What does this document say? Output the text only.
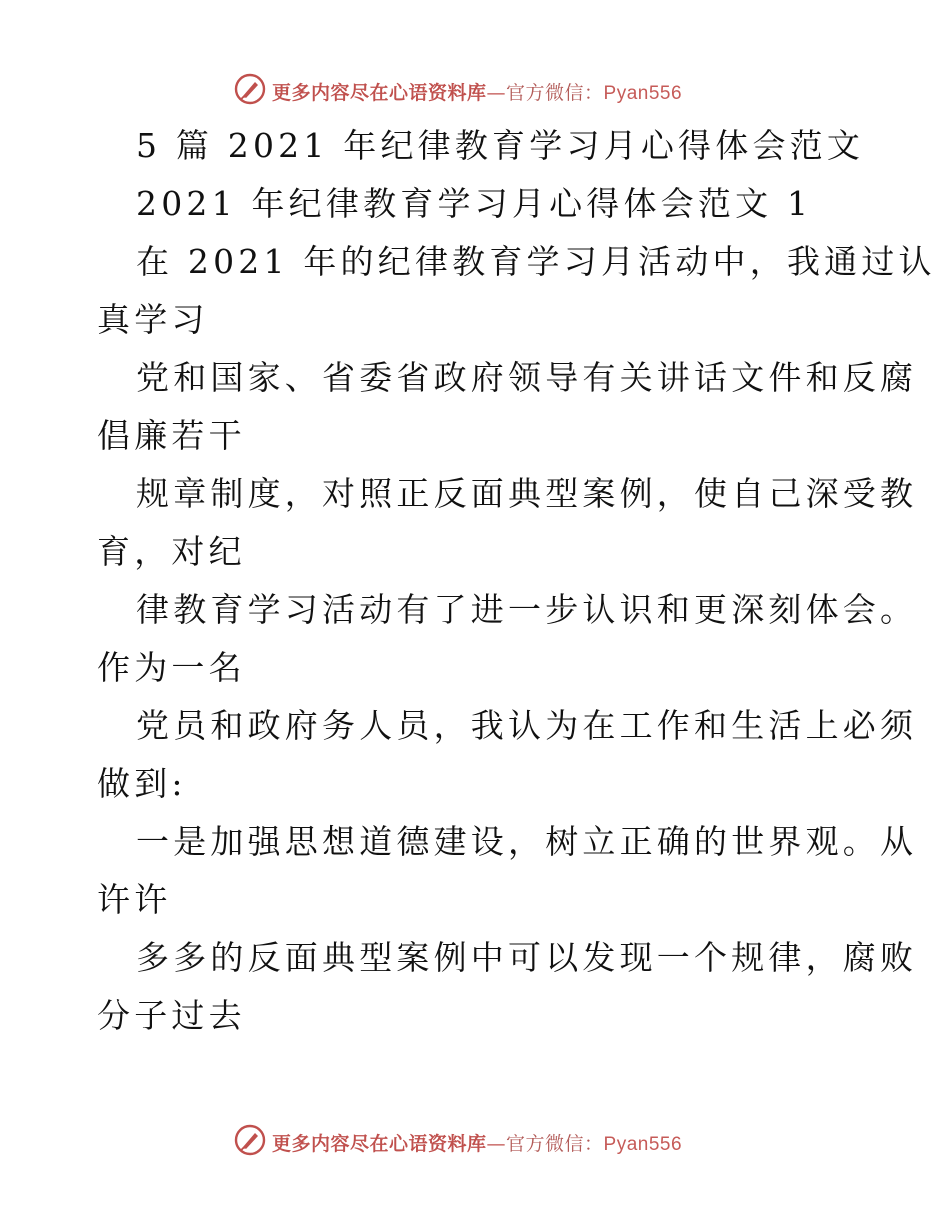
更多内容尽在心语资料库—官方微信：Pyan556
5 篇 2021 年纪律教育学习月心得体会范文
2021 年纪律教育学习月心得体会范文 1
在 2021 年的纪律教育学习月活动中，我通过认
真学习
党和国家、省委省政府领导有关讲话文件和反腐
倡廉若干
规章制度，对照正反面典型案例，使自己深受教
育，对纪
律教育学习活动有了进一步认识和更深刻体会。
作为一名
党员和政府务人员，我认为在工作和生活上必须
做到:
一是加强思想道德建设，树立正确的世界观。从
许许
多多的反面典型案例中可以发现一个规律，腐败
分子过去
更多内容尽在心语资料库—官方微信：Pyan556
